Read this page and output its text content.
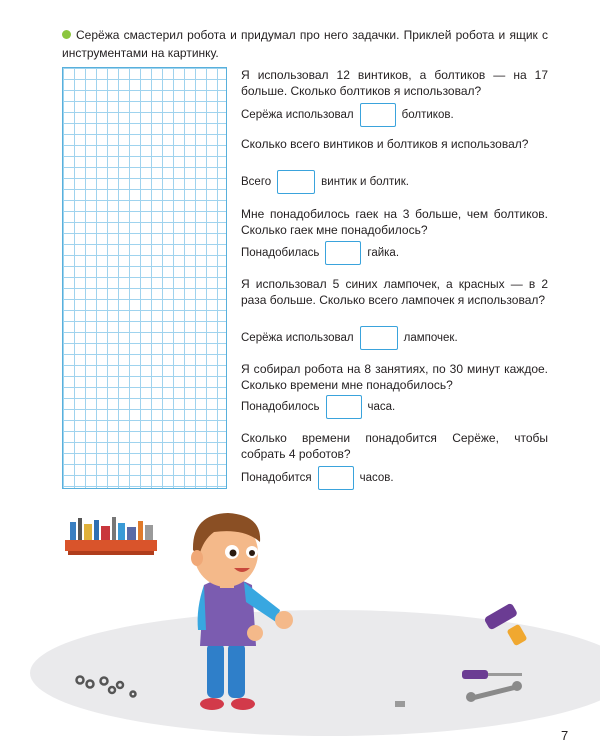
Серёжа смастерил робота и придумал про него задачки. Приклей робота и ящик с инструментами на картинку.
Я использовал 12 винтиков, а болтиков — на 17 больше. Сколько болтиков я использовал?
Серёжа использовал	болтиков.
Сколько всего винтиков и болтиков я использовал?
Всего	винтик и болтик.
Мне понадобилось гаек на 3 больше, чем болтиков. Сколько гаек мне понадобилось?
Понадобилась	гайка.
Я использовал 5 синих лампочек, а красных — в 2 раза больше. Сколько всего лампочек я использовал?
Серёжа использовал	лампочек.
Я собирал робота на 8 занятиях, по 30 минут каждое. Сколько времени мне понадобилось?
Понадобилось	часа.
Сколько времени понадобится Серёже, чтобы собрать 4 роботов?
Понадобится	часов.
7
